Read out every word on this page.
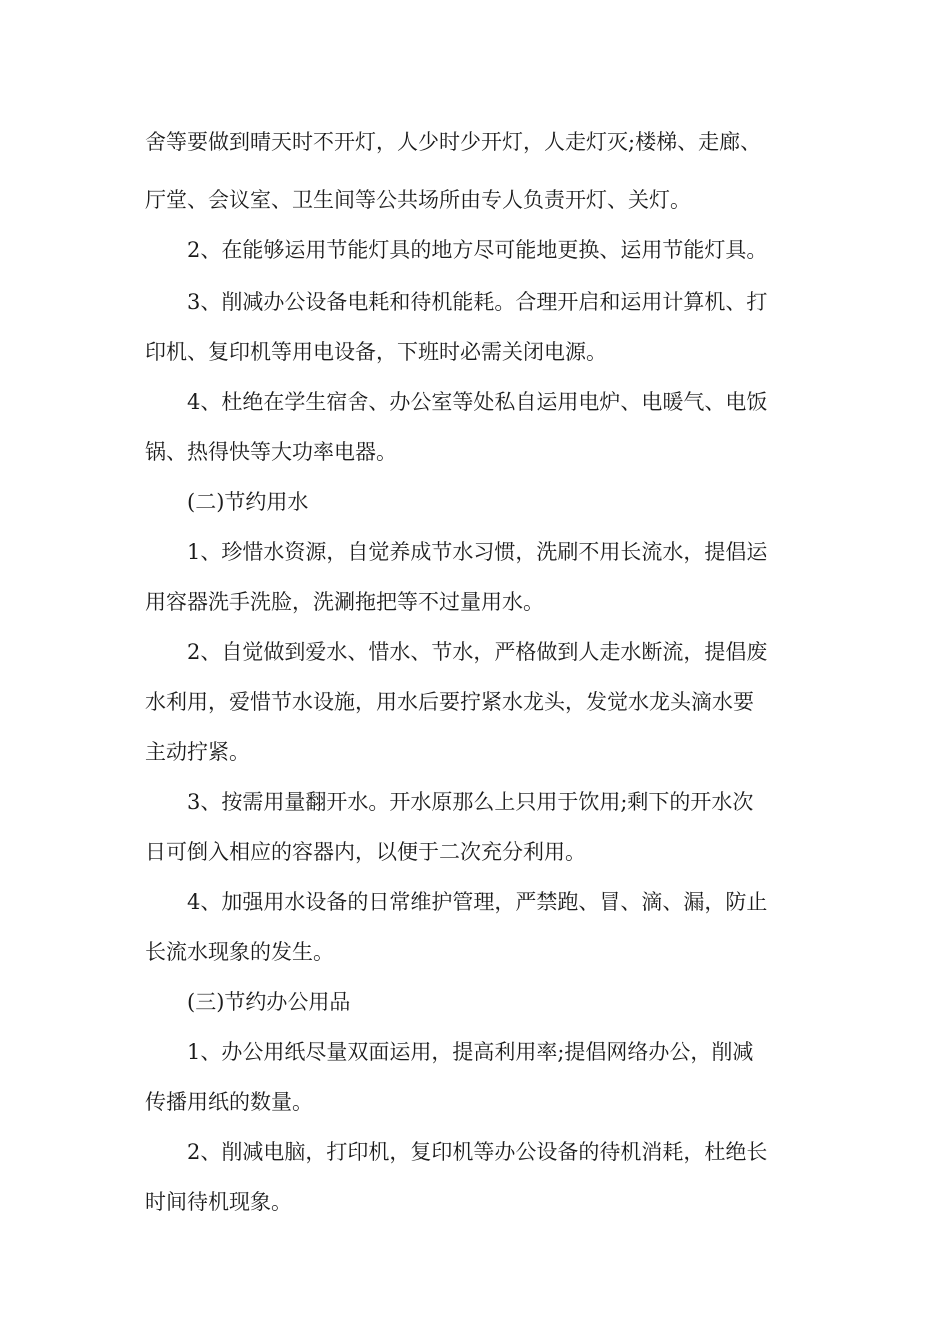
舍等要做到晴天时不开灯，人少时少开灯，人走灯灭;楼梯、走廊、
厅堂、会议室、卫生间等公共场所由专人负责开灯、关灯。
2、在能够运用节能灯具的地方尽可能地更换、运用节能灯具。
3、削减办公设备电耗和待机能耗。合理开启和运用计算机、打
印机、复印机等用电设备，下班时必需关闭电源。
4、杜绝在学生宿舍、办公室等处私自运用电炉、电暖气、电饭
锅、热得快等大功率电器。
(二)节约用水
1、珍惜水资源，自觉养成节水习惯，洗刷不用长流水，提倡运
用容器洗手洗脸，洗涮拖把等不过量用水。
2、自觉做到爱水、惜水、节水，严格做到人走水断流，提倡废
水利用，爱惜节水设施，用水后要拧紧水龙头，发觉水龙头滴水要
主动拧紧。
3、按需用量翻开水。开水原那么上只用于饮用;剩下的开水次
日可倒入相应的容器内，以便于二次充分利用。
4、加强用水设备的日常维护管理，严禁跑、冒、滴、漏，防止
长流水现象的发生。
(三)节约办公用品
1、办公用纸尽量双面运用，提高利用率;提倡网络办公，削减
传播用纸的数量。
2、削减电脑，打印机，复印机等办公设备的待机消耗，杜绝长
时间待机现象。
